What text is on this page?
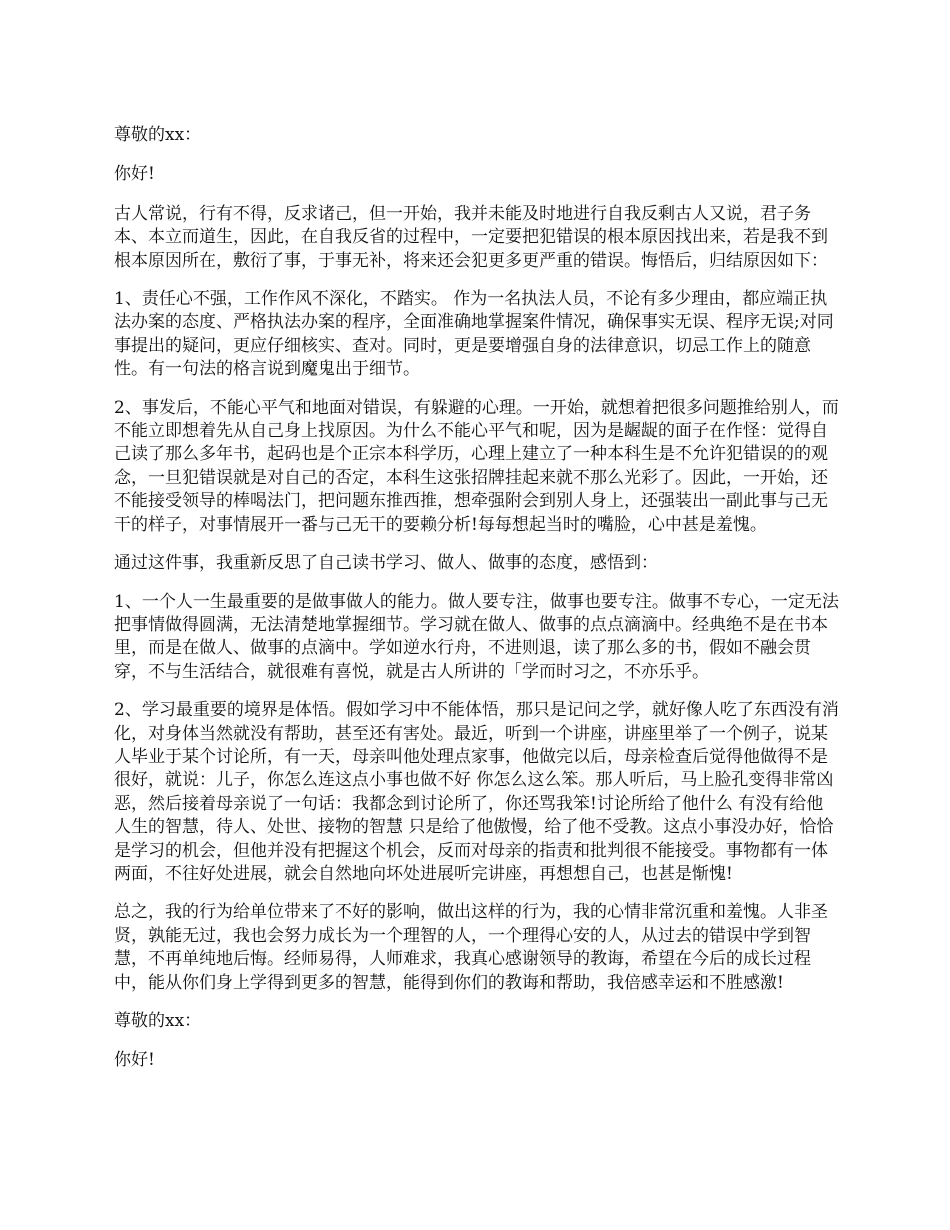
尊敬的xx：

你好!

古人常说，行有不得，反求诸己，但一开始，我并未能及时地进行自我反剩古人又说，君子务本、本立而道生，因此，在自我反省的过程中，一定要把犯错误的根本原因找出来，若是我不到根本原因所在，敷衍了事，于事无补，将来还会犯更多更严重的错误。悔悟后，归结原因如下：

1、责任心不强，工作作风不深化，不踏实。 作为一名执法人员，不论有多少理由，都应端正执法办案的态度、严格执法办案的程序，全面准确地掌握案件情况，确保事实无误、程序无误;对同事提出的疑问，更应仔细核实、查对。同时，更是要增强自身的法律意识，切忌工作上的随意性。有一句法的格言说到魔鬼出于细节。

2、事发后，不能心平气和地面对错误，有躲避的心理。一开始，就想着把很多问题推给别人，而不能立即想着先从自己身上找原因。为什么不能心平气和呢，因为是龌龊的面子在作怪：觉得自己读了那么多年书，起码也是个正宗本科学历，心理上建立了一种本科生是不允许犯错误的的观念，一旦犯错误就是对自己的否定，本科生这张招牌挂起来就不那么光彩了。因此，一开始，还不能接受领导的棒喝法门，把问题东推西推，想牵强附会到别人身上，还强装出一副此事与己无干的样子，对事情展开一番与己无干的要赖分析!每每想起当时的嘴脸，心中甚是羞愧。

通过这件事，我重新反思了自己读书学习、做人、做事的态度，感悟到：

1、一个人一生最重要的是做事做人的能力。做人要专注，做事也要专注。做事不专心，一定无法把事情做得圆满，无法清楚地掌握细节。学习就在做人、做事的点点滴滴中。经典绝不是在书本里，而是在做人、做事的点滴中。学如逆水行舟，不进则退，读了那么多的书，假如不融会贯穿，不与生活结合，就很难有喜悦，就是古人所讲的「学而时习之，不亦乐乎。

2、学习最重要的境界是体悟。假如学习中不能体悟，那只是记问之学，就好像人吃了东西没有消化，对身体当然就没有帮助，甚至还有害处。最近，听到一个讲座，讲座里举了一个例子，说某人毕业于某个讨论所，有一天，母亲叫他处理点家事，他做完以后，母亲检查后觉得他做得不是很好，就说：儿子，你怎么连这点小事也做不好 你怎么这么笨。那人听后，马上脸孔变得非常凶恶，然后接着母亲说了一句话：我都念到讨论所了，你还骂我笨!讨论所给了他什么 有没有给他人生的智慧，待人、处世、接物的智慧 只是给了他傲慢，给了他不受教。这点小事没办好，恰恰是学习的机会，但他并没有把握这个机会，反而对母亲的指责和批判很不能接受。事物都有一体两面，不往好处进展，就会自然地向坏处进展听完讲座，再想想自己，也甚是惭愧!

总之，我的行为给单位带来了不好的影响，做出这样的行为，我的心情非常沉重和羞愧。人非圣贤，孰能无过，我也会努力成长为一个理智的人，一个理得心安的人，从过去的错误中学到智慧，不再单纯地后悔。经师易得，人师难求，我真心感谢领导的教诲，希望在今后的成长过程中，能从你们身上学得到更多的智慧，能得到你们的教诲和帮助，我倍感幸运和不胜感激!

尊敬的xx：

你好!
